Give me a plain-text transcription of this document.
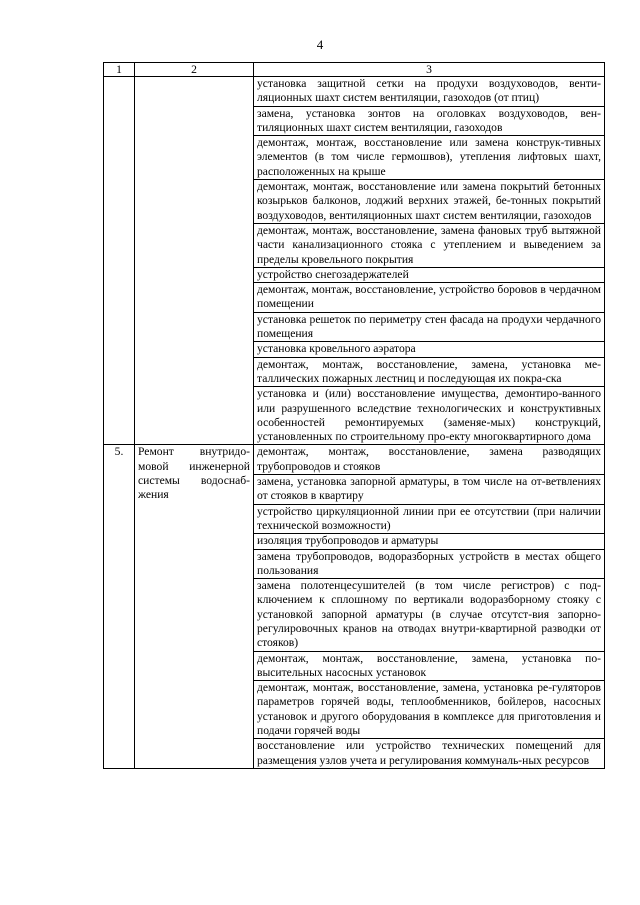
4
1	2	3
		установка защитной сетки на продухи воздуховодов, венти-ляционных шахт систем вентиляции, газоходов (от птиц)
		замена, установка зонтов на оголовках воздуховодов, вен-тиляционных шахт систем вентиляции, газоходов
		демонтаж, монтаж, восстановление или замена конструк-тивных элементов (в том числе гермошвов), утепления лифтовых шахт, расположенных на крыше
		демонтаж, монтаж, восстановление или замена покрытий бетонных козырьков балконов, лоджий верхних этажей, бе-тонных покрытий воздуховодов, вентиляционных шахт систем вентиляции, газоходов
		демонтаж, монтаж, восстановление, замена фановых труб вытяжной части канализационного стояка с утеплением и выведением за пределы кровельного покрытия
		устройство снегозадержателей
		демонтаж, монтаж, восстановление, устройство боровов в чердачном помещении
		установка решеток по периметру стен фасада на продухи чердачного помещения
		установка кровельного аэратора
		демонтаж, монтаж, восстановление, замена, установка ме-таллических пожарных лестниц и последующая их покра-ска
		установка и (или) восстановление имущества, демонтиро-ванного или разрушенного вследствие технологических и конструктивных особенностей ремонтируемых (заменяе-мых) конструкций, установленных по строительному про-екту многоквартирного дома
5.	Ремонт внутридо-мовой инженерной системы водоснаб-жения	демонтаж, монтаж, восстановление, замена разводящих трубопроводов и стояков
		замена, установка запорной арматуры, в том числе на от-ветвлениях от стояков в квартиру
		устройство циркуляционной линии при ее отсутствии (при наличии технической возможности)
		изоляция трубопроводов и арматуры
		замена трубопроводов, водоразборных устройств в местах общего пользования
		замена полотенцесушителей (в том числе регистров) с под-ключением к сплошному по вертикали водоразборному стояку с установкой запорной арматуры (в случае отсутст-вия запорно-регулировочных кранов на отводах внутри-квартирной разводки от стояков)
		демонтаж, монтаж, восстановление, замена, установка по-высительных насосных установок
		демонтаж, монтаж, восстановление, замена, установка ре-гуляторов параметров горячей воды, теплообменников, бойлеров, насосных установок и другого оборудования в комплексе для приготовления и подачи горячей воды
		восстановление или устройство технических помещений для размещения узлов учета и регулирования коммуналь-ных ресурсов
